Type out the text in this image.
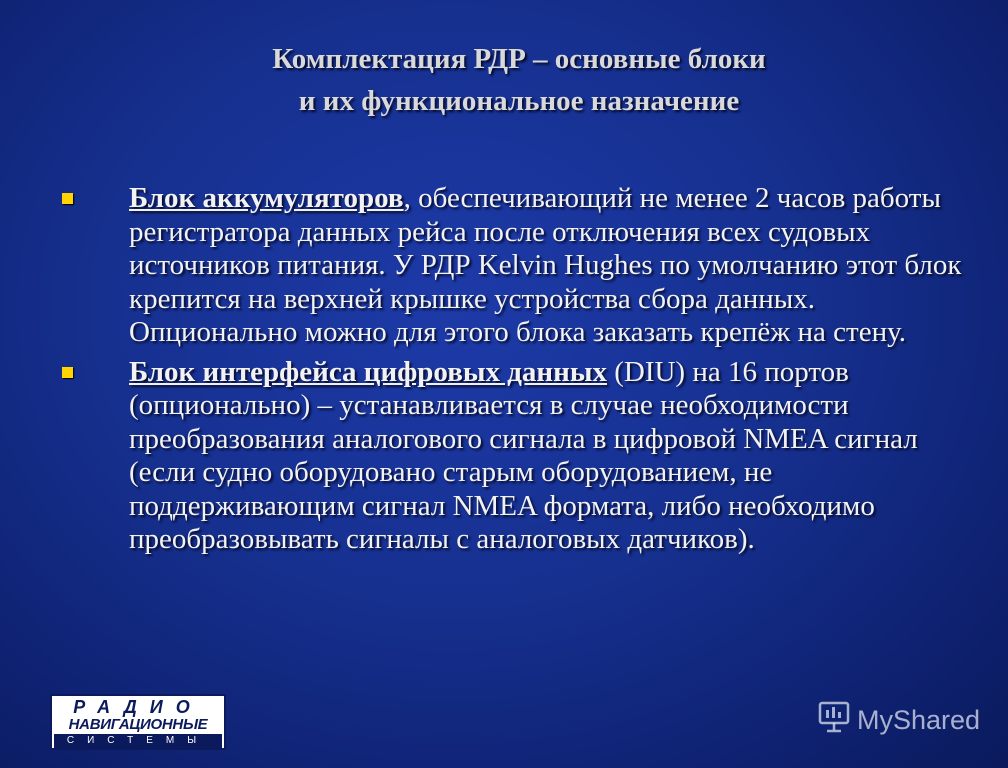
Комплектация РДР – основные блоки
и их функциональное назначение
Блок аккумуляторов, обеспечивающий не менее 2 часов работы регистратора данных рейса после отключения всех судовых источников питания. У РДР Kelvin Hughes по умолчанию этот блок крепится на верхней крышке устройства сбора данных. Опционально можно для этого блока заказать крепёж на стену.
Блок интерфейса цифровых данных (DIU) на 16 портов (опционально) – устанавливается в случае необходимости преобразования аналогового сигнала в цифровой NMEA сигнал (если судно оборудовано старым оборудованием, не поддерживающим сигнал NMEA формата, либо необходимо преобразовывать сигналы с аналоговых датчиков).
РАДИО
НАВИГАЦИОННЫЕ
СИСТЕМЫ
MyShared
